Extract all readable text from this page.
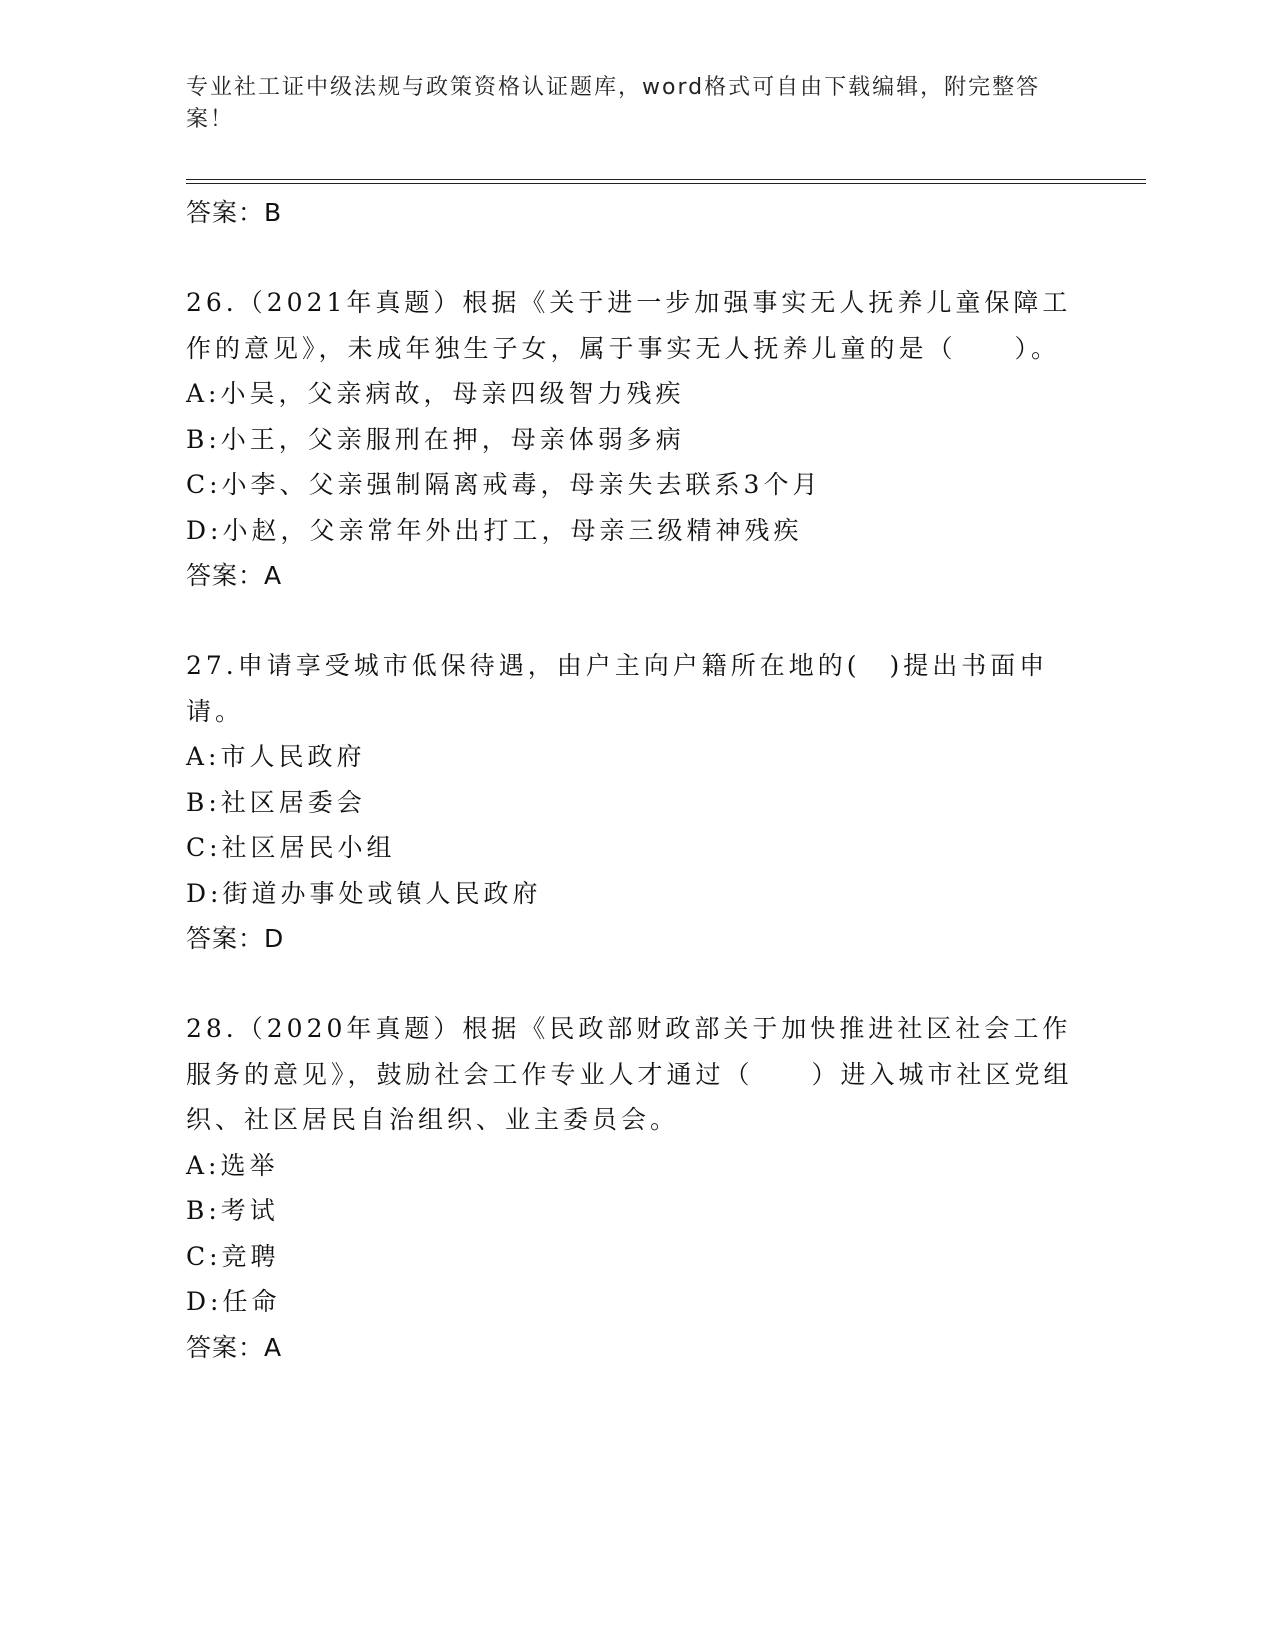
专业社工证中级法规与政策资格认证题库，word格式可自由下载编辑，附完整答案！
答案：B
26.（2021年真题）根据《关于进一步加强事实无人抚养儿童保障工作的意见》，未成年独生子女，属于事实无人抚养儿童的是（　　）。
A:小吴，父亲病故，母亲四级智力残疾
B:小王，父亲服刑在押，母亲体弱多病
C:小李、父亲强制隔离戒毒，母亲失去联系3个月
D:小赵，父亲常年外出打工，母亲三级精神残疾
答案：A
27.申请享受城市低保待遇，由户主向户籍所在地的(　)提出书面申请。
A:市人民政府
B:社区居委会
C:社区居民小组
D:街道办事处或镇人民政府
答案：D
28.（2020年真题）根据《民政部财政部关于加快推进社区社会工作服务的意见》，鼓励社会工作专业人才通过（　　）进入城市社区党组织、社区居民自治组织、业主委员会。
A:选举
B:考试
C:竞聘
D:任命
答案：A
